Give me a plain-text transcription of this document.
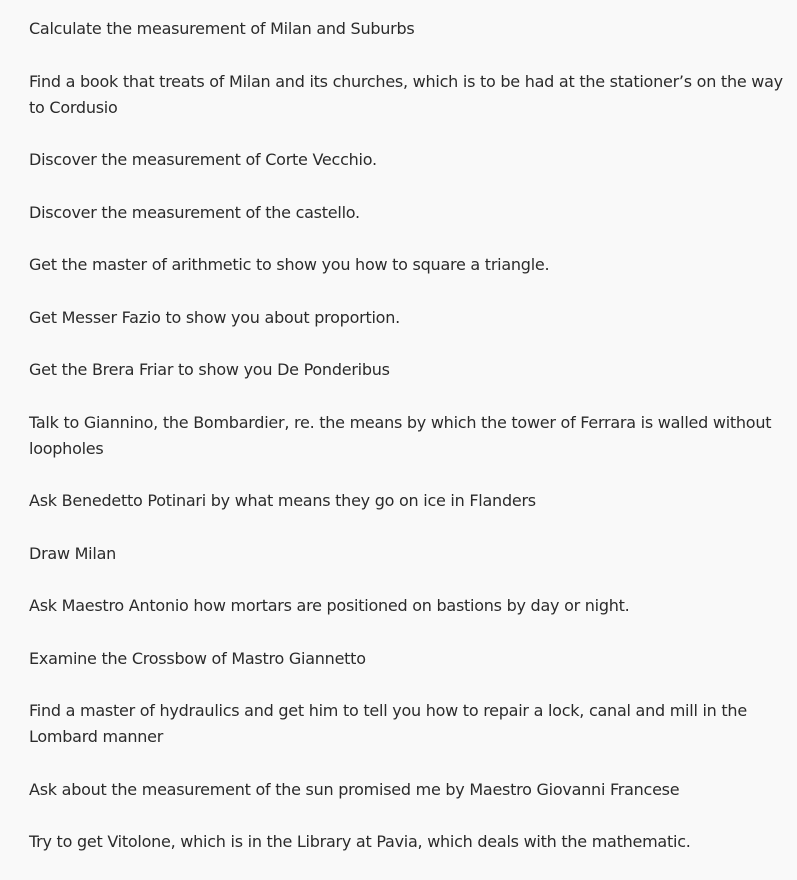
Calculate the measurement of Milan and Suburbs
Find a book that treats of Milan and its churches, which is to be had at the stationer’s on the way to Cordusio
Discover the measurement of Corte Vecchio.
Discover the measurement of the castello.
Get the master of arithmetic to show you how to square a triangle.
Get Messer Fazio to show you about proportion.
Get the Brera Friar to show you De Ponderibus
Talk to Giannino, the Bombardier, re. the means by which the tower of Ferrara is walled without loopholes
Ask Benedetto Potinari by what means they go on ice in Flanders
Draw Milan
Ask Maestro Antonio how mortars are positioned on bastions by day or night.
Examine the Crossbow of Mastro Giannetto
Find a master of hydraulics and get him to tell you how to repair a lock, canal and mill in the Lombard manner
Ask about the measurement of the sun promised me by Maestro Giovanni Francese
Try to get Vitolone, which is in the Library at Pavia, which deals with the mathematic.
